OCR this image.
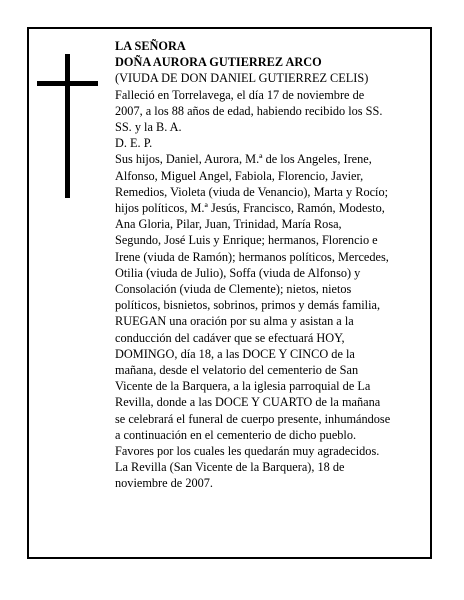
LA SEÑORA
DOÑA AURORA GUTIERREZ ARCO
(VIUDA DE DON DANIEL GUTIERREZ CELIS)
Falleció en Torrelavega, el día 17 de noviembre de
2007, a los 88 años de edad, habiendo recibido los SS.
SS. y la B. A.
D. E. P.
Sus hijos, Daniel, Aurora, M.ª de los Angeles, Irene,
Alfonso, Miguel Angel, Fabiola, Florencio, Javier,
Remedios, Violeta (viuda de Venancio), Marta y Rocío;
hijos políticos, M.ª Jesús, Francisco, Ramón, Modesto,
Ana Gloria, Pilar, Juan, Trinidad, María Rosa,
Segundo, José Luis y Enrique; hermanos, Florencio e
Irene (viuda de Ramón); hermanos políticos, Mercedes,
Otilia (viuda de Julio), Soffa (viuda de Alfonso) y
Consolación (viuda de Clemente); nietos, nietos
políticos, bisnietos, sobrinos, primos y demás familia,
RUEGAN una oración por su alma y asistan a la
conducción del cadáver que se efectuará HOY,
DOMINGO, día 18, a las DOCE Y CINCO de la
mañana, desde el velatorio del cementerio de San
Vicente de la Barquera, a la iglesia parroquial de La
Revilla, donde a las DOCE Y CUARTO de la mañana
se celebrará el funeral de cuerpo presente, inhumándose
a continuación en el cementerio de dicho pueblo.
Favores por los cuales les quedarán muy agradecidos.
La Revilla (San Vicente de la Barquera), 18 de
noviembre de 2007.
